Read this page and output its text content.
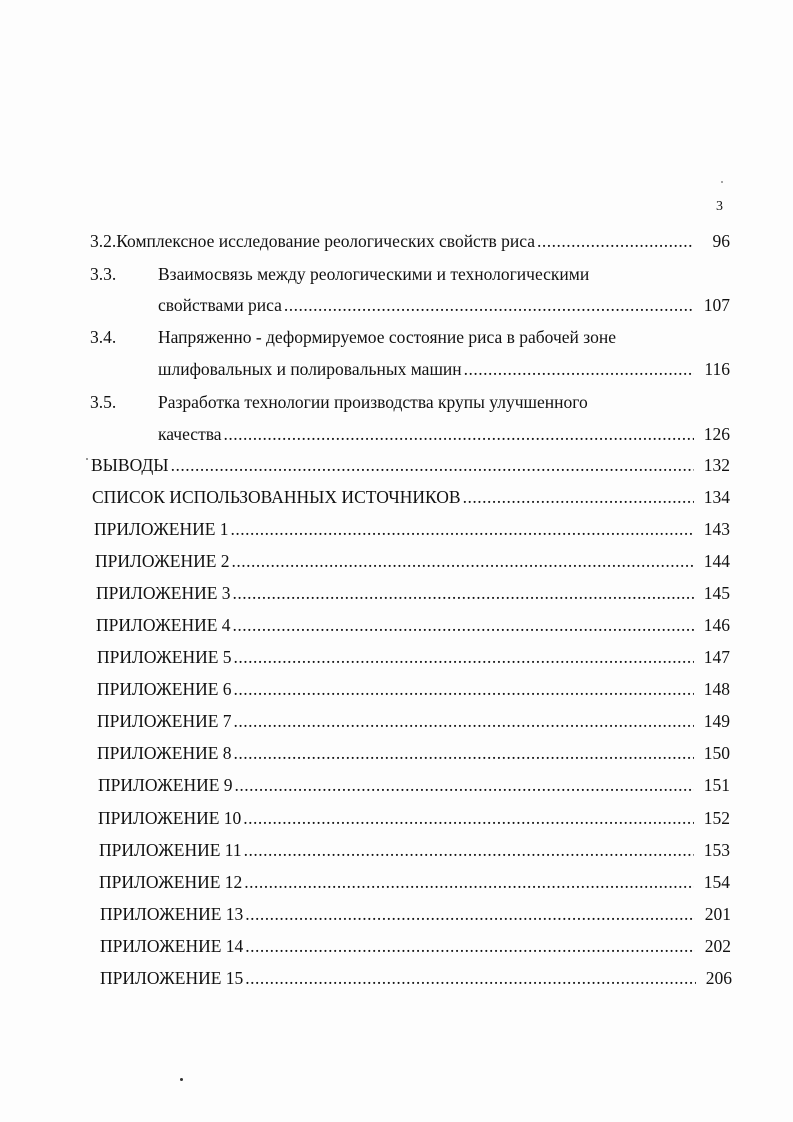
3
3.2. Комплексное исследование реологических свойств риса .....	96
3.3.	Взаимосвязь между реологическими и технологическими
свойствами риса .....	107
3.4.	Напряженно - деформируемое состояние риса в рабочей зоне
шлифовальных и полировальных машин .....	116
3.5.	Разработка технологии производства крупы улучшенного
качества .....	126
ВЫВОДЫ .....	132
СПИСОК ИСПОЛЬЗОВАННЫХ ИСТОЧНИКОВ .....	134
ПРИЛОЖЕНИЕ 1 .....	143
ПРИЛОЖЕНИЕ 2 .....	144
ПРИЛОЖЕНИЕ 3 .....	145
ПРИЛОЖЕНИЕ 4 .....	146
ПРИЛОЖЕНИЕ 5 .....	147
ПРИЛОЖЕНИЕ 6 .....	148
ПРИЛОЖЕНИЕ 7 .....	149
ПРИЛОЖЕНИЕ 8 .....	150
ПРИЛОЖЕНИЕ 9 .....	151
ПРИЛОЖЕНИЕ 10 .....	152
ПРИЛОЖЕНИЕ 11 .....	153
ПРИЛОЖЕНИЕ 12 .....	154
ПРИЛОЖЕНИЕ 13 .....	201
ПРИЛОЖЕНИЕ 14 .....	202
ПРИЛОЖЕНИЕ 15 .....	206
